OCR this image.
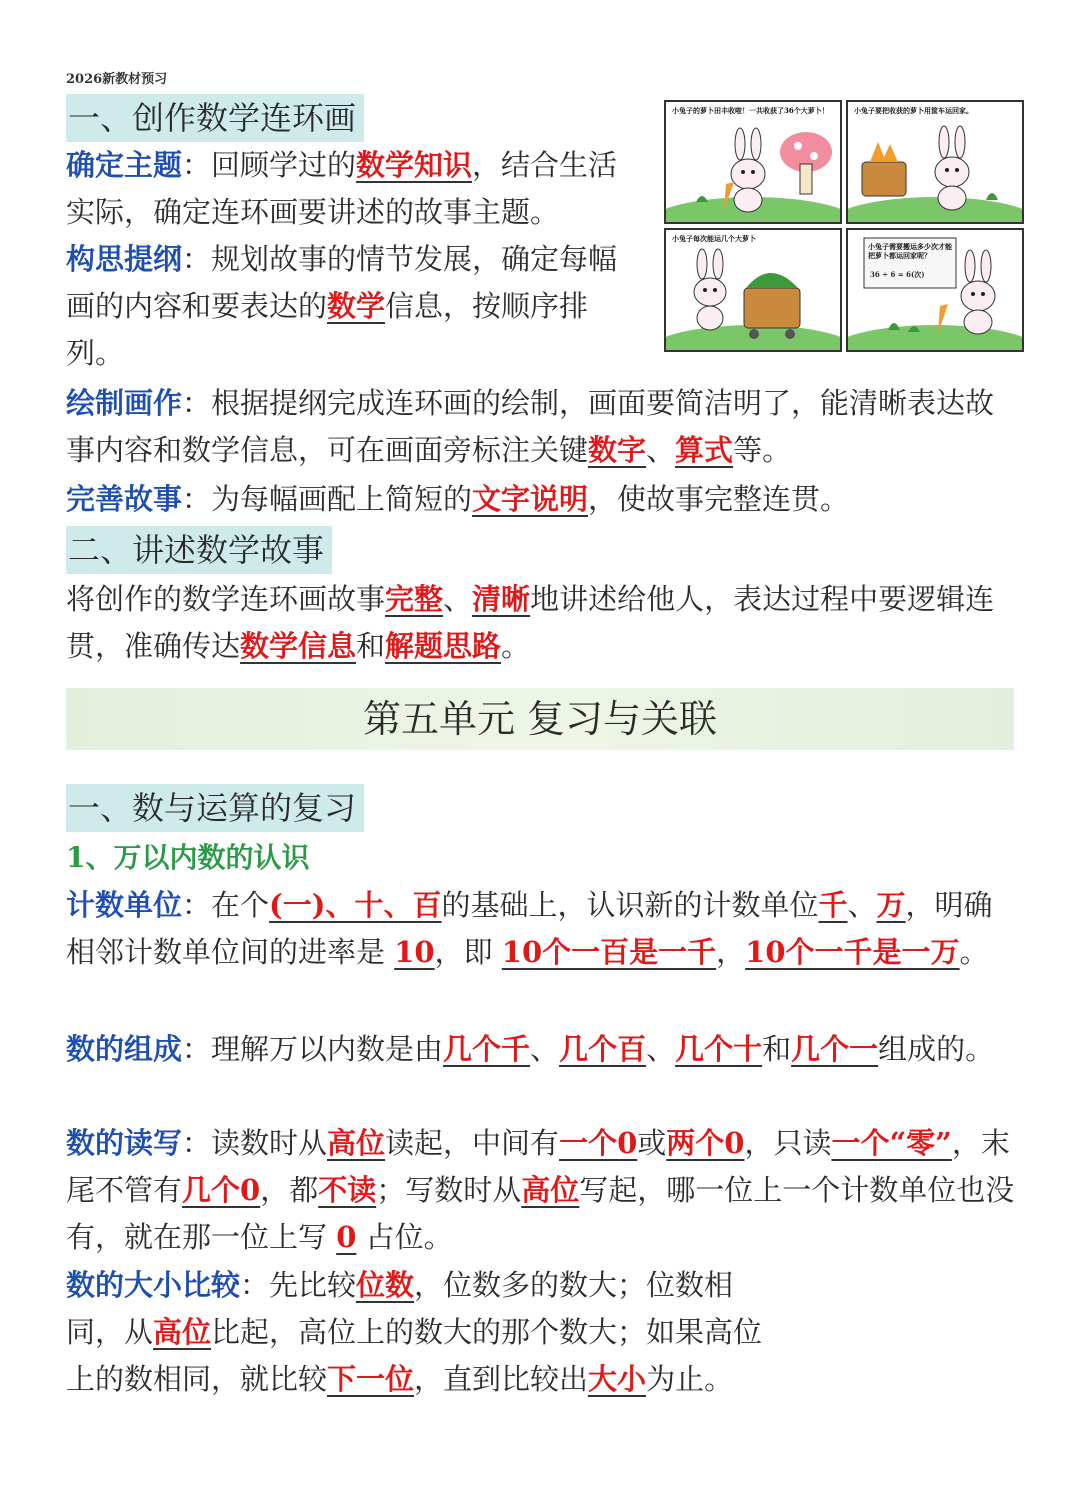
2026新教材预习
一、创作数学连环画

确定主题：回顾学过的数学知识，结合生活实际，确定连环画要讲述的故事主题。

构思提纲：规划故事的情节发展，确定每幅画的内容和要表达的数学信息，按顺序排列。

绘制画作：根据提纲完成连环画的绘制，画面要简洁明了，能清晰表达故事内容和数学信息，可在画面旁标注关键数字、算式等。

完善故事：为每幅画配上简短的文字说明，使故事完整连贯。

小兔子的萝卜田丰收啦！一共收获了36个大萝卜！	小兔子要把收获的萝卜用筐车运回家。
小兔子每次能运几个大萝卜
小兔子需要搬运多少次才能把萝卜都运回家呢？
36 ÷ 6 = 6(次)
二、讲述数学故事

将创作的数学连环画故事完整、清晰地讲述给他人，表达过程中要逻辑连贯，准确传达数学信息和解题思路。

第五单元 复习与关联
一、数与运算的复习
1、万以内数的认识

计数单位：在个(一)、十、百的基础上，认识新的计数单位千、万，明确相邻计数单位间的进率是 10，即 10个一百是一千，10个一千是一万。

数的组成：理解万以内数是由几个千、几个百、几个十和几个一组成的。

数的读写：读数时从高位读起，中间有一个0或两个0，只读一个“零”，末尾不管有几个0，都不读；写数时从高位写起，哪一位上一个计数单位也没有，就在那一位上写 0 占位。

数的大小比较：先比较位数，位数多的数大；位数相同，从高位比起，高位上的数大的那个数大；如果高位上的数相同，就比较下一位，直到比较出大小为止。
